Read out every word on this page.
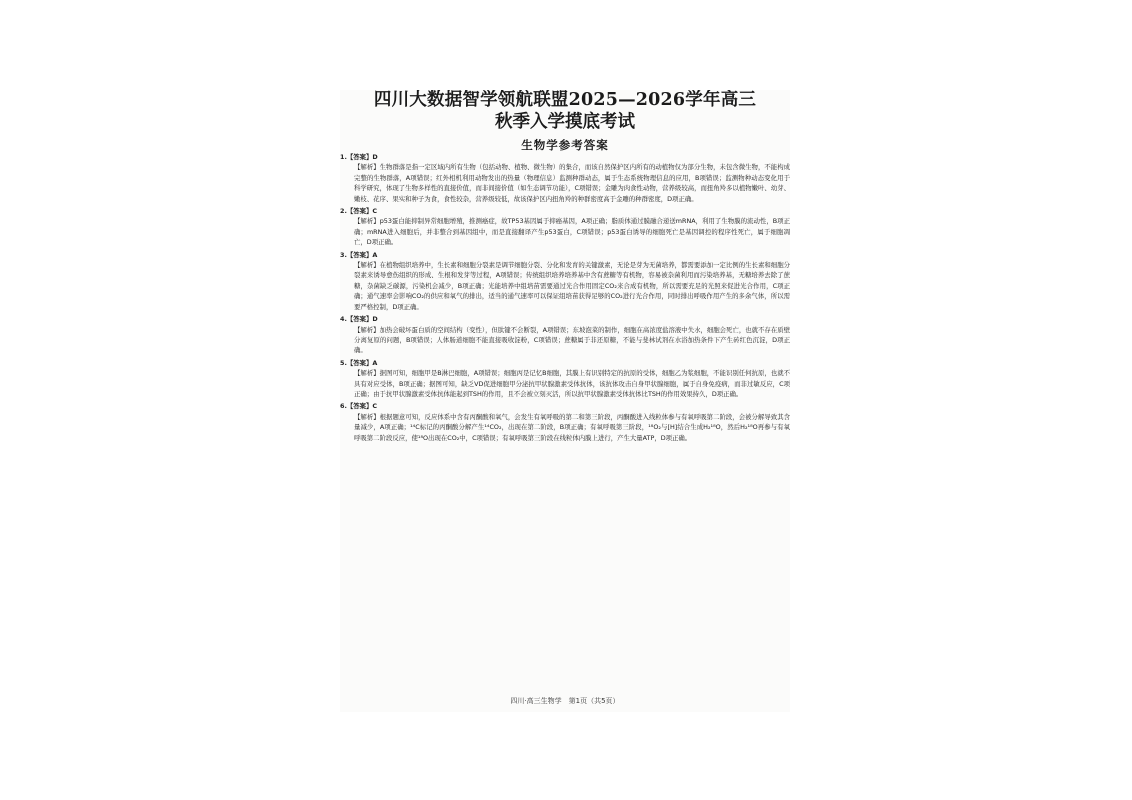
四川大数据智学领航联盟2025—2026学年高三
秋季入学摸底考试
生物学参考答案
1.【答案】D
【解析】生物群落是指一定区域内所有生物（包括动物、植物、微生物）的集合，而该自然保护区内所有的动植物仅为部分生物，未包含微生物，不能构成完整的生物群落，A项错误；红外相机利用动物发出的热量（物理信息）监测种群动态，属于生态系统物理信息的应用，B项错误；监测物种动态变化用于科学研究，体现了生物多样性的直接价值，而非间接价值（如生态调节功能），C项错误；金雕为肉食性动物，营养级较高，而扭角羚多以植物嫩叶、幼芽、嫩枝、花序、果实和种子为食，食性较杂，营养级较低，故该保护区内扭角羚的种群密度高于金雕的种群密度，D项正确。
2.【答案】C
【解析】p53蛋白能抑制异常细胞增殖，推测癌症，故TP53基因属于抑癌基因，A项正确；脂质体通过膜融合递送mRNA，利用了生物膜的流动性，B项正确；mRNA进入细胞后，并非整合到基因组中，而是直接翻译产生p53蛋白，C项错误；p53蛋白诱导的细胞死亡是基因调控的程序性死亡，属于细胞凋亡，D项正确。
3.【答案】A
【解析】在植物组织培养中，生长素和细胞分裂素是调节细胞分裂、分化和发育的关键激素，无论是芽为无菌培养，都需要添加一定比例的生长素和细胞分裂素来诱导愈伤组织的形成、生根和发芽等过程，A项错误；传统组织培养培养基中含有蔗糖等有机物，容易被杂菌利用而污染培养基，无糖培养去除了蔗糖，杂菌缺乏碳源，污染机会减少，B项正确；光能培养中组培苗需要通过光合作用固定CO₂来合成有机物，所以需要充足的光照来促进光合作用，C项正确；通气速率会影响CO₂的供应和氧气的排出，适当的通气速率可以保证组培苗获得足够的CO₂进行光合作用，同时排出呼吸作用产生的多余气体，所以需要严格控制，D项正确。
4.【答案】D
【解析】加热会破坏蛋白质的空间结构（变性），但肽键不会断裂，A项错误；东坡泡菜的制作，细胞在高浓度盐溶液中失水，细胞会死亡，也就不存在质壁分离复原的问题，B项错误；人体肠道细胞不能直接吸收淀粉，C项错误；蔗糖属于非还原糖，不能与斐林试剂在水浴加热条件下产生砖红色沉淀，D项正确。
5.【答案】A
【解析】据图可知，细胞甲是B淋巴细胞，A项错误；细胞丙是记忆B细胞，其膜上有识别特定的抗原的受体，细胞乙为浆细胞，不能识别任何抗原，也就不具有对应受体，B项正确；据图可知，缺乏VD促进细胞甲分泌抗甲状腺激素受体抗体，该抗体攻击自身甲状腺细胞，属于自身免疫病，而非过敏反应，C项正确；由于抗甲状腺激素受体抗体能起到TSH的作用，且不会被立刻灭活，所以抗甲状腺激素受体抗体比TSH的作用效果持久，D项正确。
6.【答案】C
【解析】根据题意可知，反应体系中含有丙酮酸和氧气，会发生有氧呼吸的第二和第三阶段，丙酮酸进入线粒体参与有氧呼吸第二阶段，会被分解导致其含量减少，A项正确；¹⁴C标记的丙酮酸分解产生¹⁴CO₂，出现在第二阶段，B项正确；有氧呼吸第三阶段，¹⁸O₂与[H]结合生成H₂¹⁸O，然后H₂¹⁸O再参与有氧呼吸第二阶段反应，使¹⁸O出现在CO₂中，C项错误；有氧呼吸第三阶段在线粒体内膜上进行，产生大量ATP，D项正确。
四川·高三生物学　第1页（共5页）
